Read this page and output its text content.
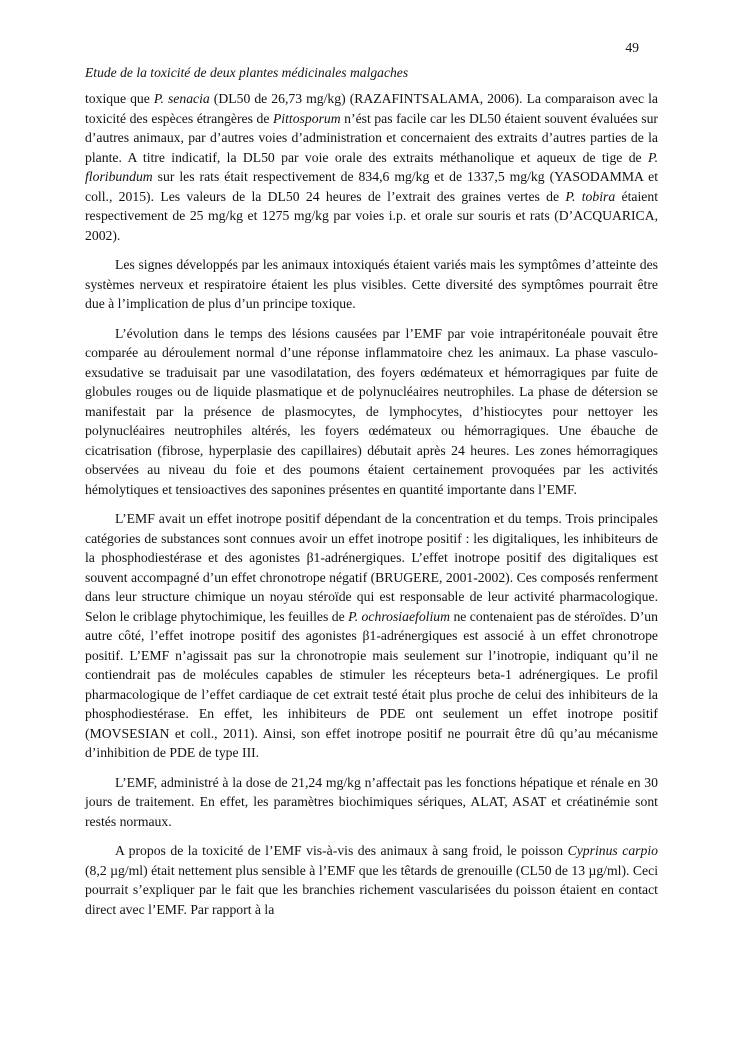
49
Etude de la toxicité de deux plantes médicinales malgaches

toxique que P. senacia (DL50 de 26,73 mg/kg) (RAZAFINTSALAMA, 2006). La comparaison avec la toxicité des espèces étrangères de Pittosporum n’ést pas facile car les DL50 étaient souvent évaluées sur d’autres animaux, par d’autres voies d’administration et concernaient des extraits d’autres parties de la plante. A titre indicatif, la DL50 par voie orale des extraits méthanolique et aqueux de tige de P. floribundum sur les rats était respectivement de 834,6 mg/kg et de 1337,5 mg/kg (YASODAMMA et coll., 2015). Les valeurs de la DL50 24 heures de l’extrait des graines vertes de P. tobira étaient respectivement de 25 mg/kg et 1275 mg/kg par voies i.p. et orale sur souris et rats (D’ACQUARICA, 2002).

Les signes développés par les animaux intoxiqués étaient variés mais les symptômes d’atteinte des systèmes nerveux et respiratoire étaient les plus visibles. Cette diversité des symptômes pourrait être due à l’implication de plus d’un principe toxique.

L’évolution dans le temps des lésions causées par l’EMF par voie intrapéritonéale pouvait être comparée au déroulement normal d’une réponse inflammatoire chez les animaux. La phase vasculo-exsudative se traduisait par une vasodilatation, des foyers œdémateux et hémorragiques par fuite de globules rouges ou de liquide plasmatique et de polynucléaires neutrophiles. La phase de détersion se manifestait par la présence de plasmocytes, de lymphocytes, d’histiocytes pour nettoyer les polynucléaires neutrophiles altérés, les foyers œdémateux ou hémorragiques. Une ébauche de cicatrisation (fibrose, hyperplasie des capillaires) débutait après 24 heures. Les zones hémorragiques observées au niveau du foie et des poumons étaient certainement provoquées par les activités hémolytiques et tensioactives des saponines présentes en quantité importante dans l’EMF.

L’EMF avait un effet inotrope positif dépendant de la concentration et du temps. Trois principales catégories de substances sont connues avoir un effet inotrope positif : les digitaliques, les inhibiteurs de la phosphodiestérase et des agonistes β1-adrénergiques. L’effet inotrope positif des digitaliques est souvent accompagné d’un effet chronotrope négatif (BRUGERE, 2001-2002). Ces composés renferment dans leur structure chimique un noyau stéroïde qui est responsable de leur activité pharmacologique. Selon le criblage phytochimique, les feuilles de P. ochrosiaefolium ne contenaient pas de stéroïdes. D’un autre côté, l’effet inotrope positif des agonistes β1-adrénergiques est associé à un effet chronotrope positif. L’EMF n’agissait pas sur la chronotropie mais seulement sur l’inotropie, indiquant qu’il ne contiendrait pas de molécules capables de stimuler les récepteurs beta-1 adrénergiques. Le profil pharmacologique de l’effet cardiaque de cet extrait testé était plus proche de celui des inhibiteurs de la phosphodiestérase. En effet, les inhibiteurs de PDE ont seulement un effet inotrope positif (MOVSESIAN et coll., 2011). Ainsi, son effet inotrope positif ne pourrait être dû qu’au mécanisme d’inhibition de PDE de type III.

L’EMF, administré à la dose de 21,24 mg/kg n’affectait pas les fonctions hépatique et rénale en 30 jours de traitement. En effet, les paramètres biochimiques sériques, ALAT, ASAT et créatinémie sont restés normaux.

A propos de la toxicité de l’EMF vis-à-vis des animaux à sang froid, le poisson Cyprinus carpio (8,2 µg/ml) était nettement plus sensible à l’EMF que les têtards de grenouille (CL50 de 13 µg/ml). Ceci pourrait s’expliquer par le fait que les branchies richement vascularisées du poisson étaient en contact direct avec l’EMF. Par rapport à la
